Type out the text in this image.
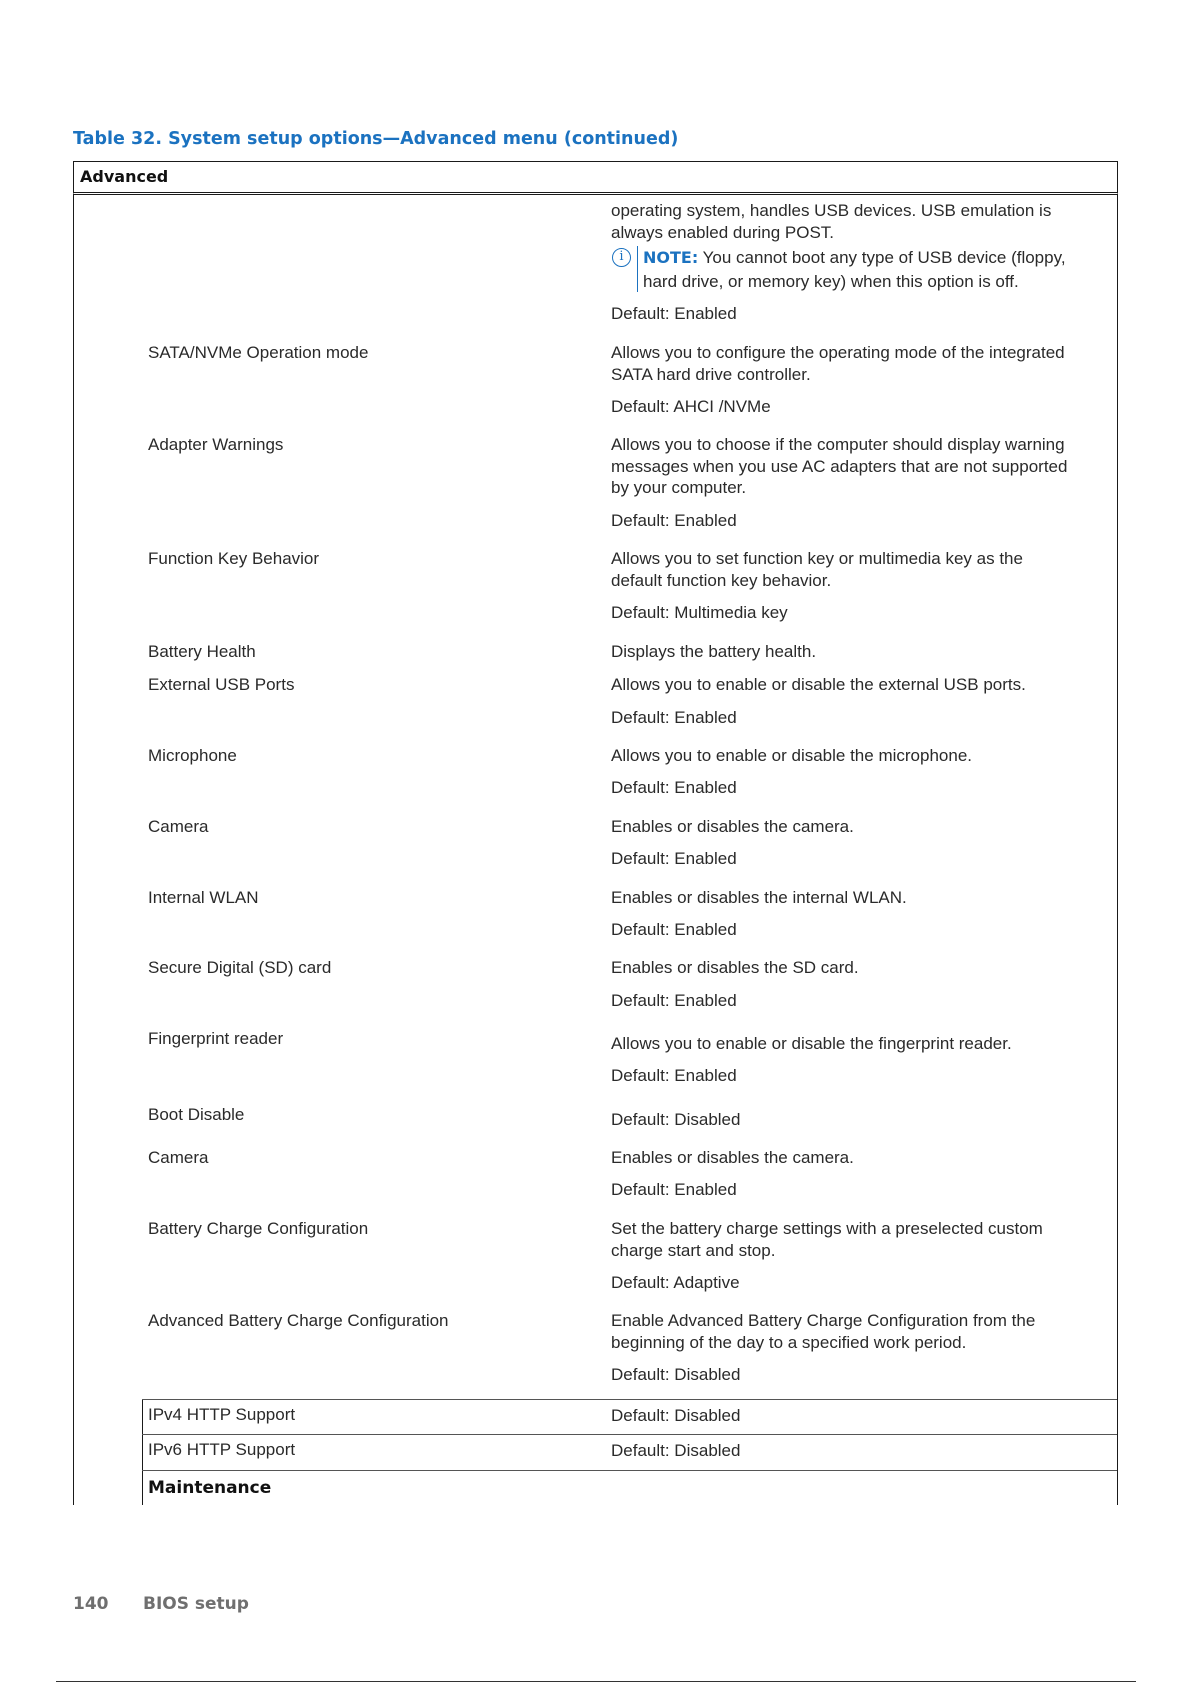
Table 32. System setup options—Advanced menu (continued)
Advanced
operating system, handles USB devices. USB emulation is
always enabled during POST.
i	NOTE: You cannot boot any type of USB device (floppy,
hard drive, or memory key) when this option is off.
Default: Enabled
SATA/NVMe Operation mode	Allows you to configure the operating mode of the integrated
SATA hard drive controller.
Default: AHCI /NVMe
Adapter Warnings	Allows you to choose if the computer should display warning
messages when you use AC adapters that are not supported
by your computer.
Default: Enabled
Function Key Behavior	Allows you to set function key or multimedia key as the
default function key behavior.
Default: Multimedia key
Battery Health	Displays the battery health.
External USB Ports	Allows you to enable or disable the external USB ports.
Default: Enabled
Microphone	Allows you to enable or disable the microphone.
Default: Enabled
Camera	Enables or disables the camera.
Default: Enabled
Internal WLAN	Enables or disables the internal WLAN.
Default: Enabled
Secure Digital (SD) card	Enables or disables the SD card.
Default: Enabled
Fingerprint reader	Allows you to enable or disable the fingerprint reader.
Default: Enabled
Boot Disable	Default: Disabled
Camera	Enables or disables the camera.
Default: Enabled
Battery Charge Configuration	Set the battery charge settings with a preselected custom
charge start and stop.
Default: Adaptive
Advanced Battery Charge Configuration	Enable Advanced Battery Charge Configuration from the
beginning of the day to a specified work period.
Default: Disabled
IPv4 HTTP Support	Default: Disabled
IPv6 HTTP Support	Default: Disabled
Maintenance
140 BIOS setup
